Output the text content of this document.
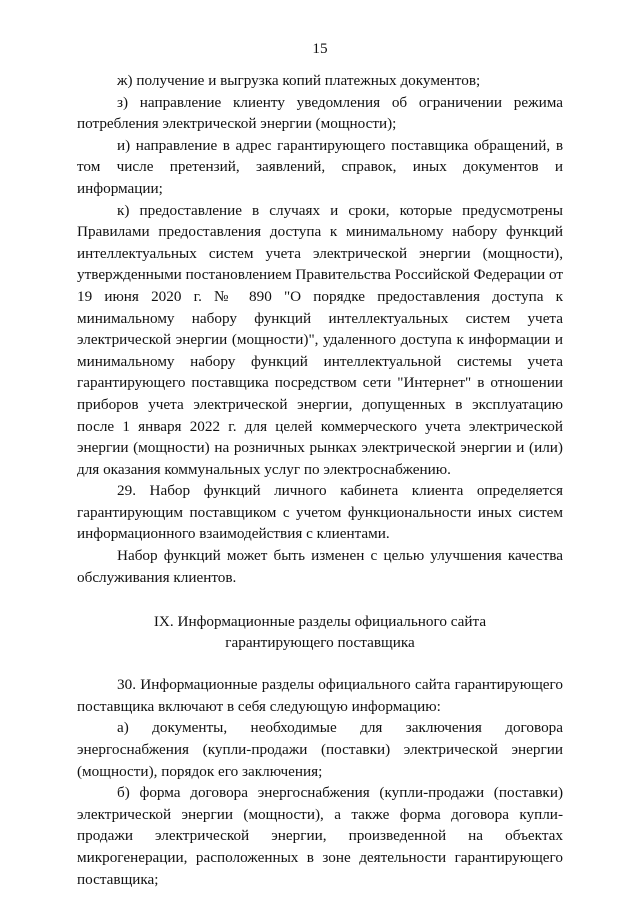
15

ж) получение и выгрузка копий платежных документов;

з) направление клиенту уведомления об ограничении режима потребления электрической энергии (мощности);

и) направление в адрес гарантирующего поставщика обращений, в том числе претензий, заявлений, справок, иных документов и информации;

к) предоставление в случаях и сроки, которые предусмотрены Правилами предоставления доступа к минимальному набору функций интеллектуальных систем учета электрической энергии (мощности), утвержденными постановлением Правительства Российской Федерации от 19 июня 2020 г. № 890 "О порядке предоставления доступа к минимальному набору функций интеллектуальных систем учета электрической энергии (мощности)", удаленного доступа к информации и минимальному набору функций интеллектуальной системы учета гарантирующего поставщика посредством сети "Интернет" в отношении приборов учета электрической энергии, допущенных в эксплуатацию после 1 января 2022 г. для целей коммерческого учета электрической энергии (мощности) на розничных рынках электрической энергии и (или) для оказания коммунальных услуг по электроснабжению.

29. Набор функций личного кабинета клиента определяется гарантирующим поставщиком с учетом функциональности иных систем информационного взаимодействия с клиентами.

Набор функций может быть изменен с целью улучшения качества обслуживания клиентов.

IX. Информационные разделы официального сайта
гарантирующего поставщика

30. Информационные разделы официального сайта гарантирующего поставщика включают в себя следующую информацию:

а) документы, необходимые для заключения договора энергоснабжения (купли-продажи (поставки) электрической энергии (мощности), порядок его заключения;

б) форма договора энергоснабжения (купли-продажи (поставки) электрической энергии (мощности), а также форма договора купли-продажи электрической энергии, произведенной на объектах микрогенерации, расположенных в зоне деятельности гарантирующего поставщика;
